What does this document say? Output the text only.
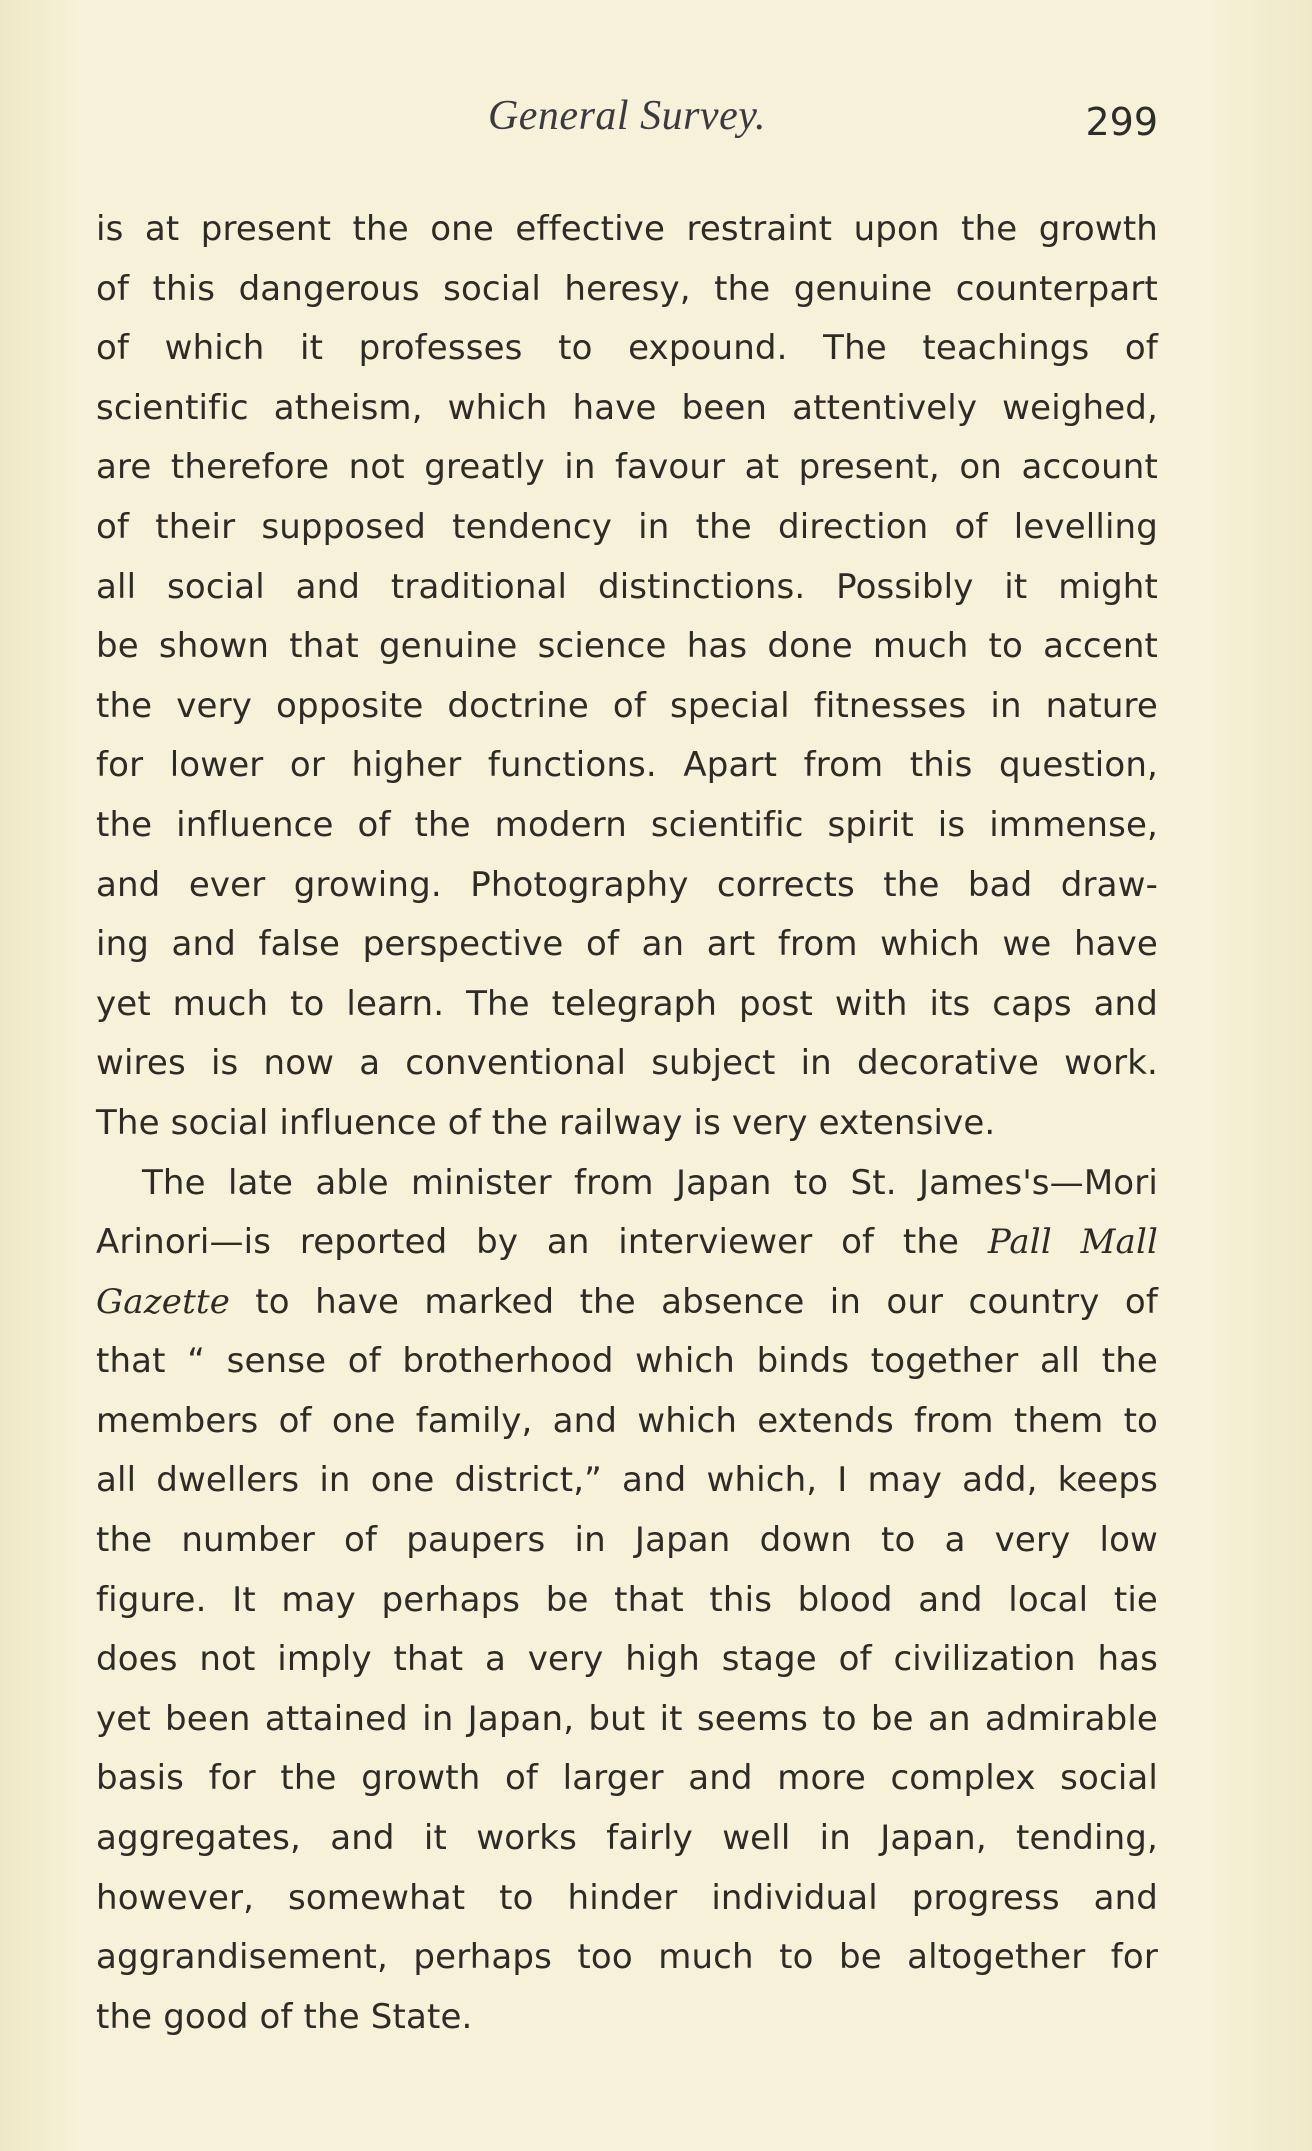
General Survey.	299
is at present the one effective restraint upon the growth
of this dangerous social heresy, the genuine counterpart
of which it professes to expound. The teachings of
scientific atheism, which have been attentively weighed,
are therefore not greatly in favour at present, on account
of their supposed tendency in the direction of levelling
all social and traditional distinctions. Possibly it might
be shown that genuine science has done much to accent
the very opposite doctrine of special fitnesses in nature
for lower or higher functions. Apart from this question,
the influence of the modern scientific spirit is immense,
and ever growing. Photography corrects the bad draw-
ing and false perspective of an art from which we have
yet much to learn. The telegraph post with its caps and
wires is now a conventional subject in decorative work.
The social influence of the railway is very extensive.
The late able minister from Japan to St. James's—Mori
Arinori—is reported by an interviewer of the Pall Mall
Gazette to have marked the absence in our country of
that “ sense of brotherhood which binds together all the
members of one family, and which extends from them to
all dwellers in one district,” and which, I may add, keeps
the number of paupers in Japan down to a very low
figure. It may perhaps be that this blood and local tie
does not imply that a very high stage of civilization has
yet been attained in Japan, but it seems to be an admirable
basis for the growth of larger and more complex social
aggregates, and it works fairly well in Japan, tending,
however, somewhat to hinder individual progress and
aggrandisement, perhaps too much to be altogether for
the good of the State.
